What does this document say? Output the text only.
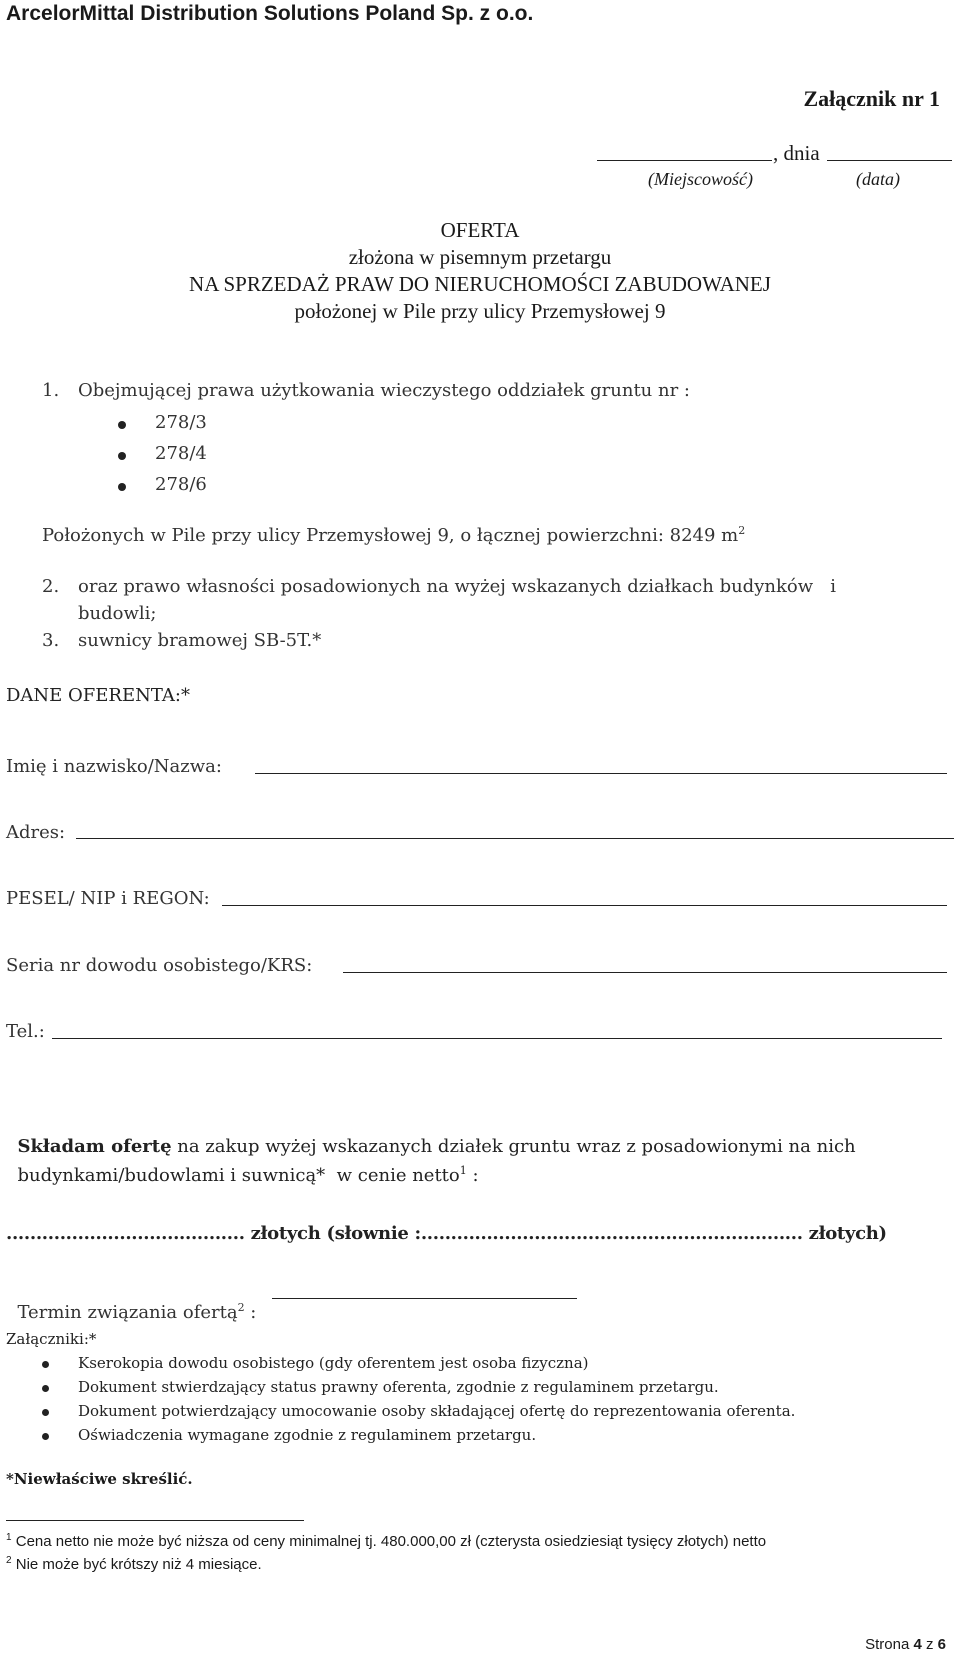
ArcelorMittal Distribution Solutions Poland Sp. z o.o.
Załącznik nr 1
, dnia
(Miejscowość)	(data)
OFERTA
złożona w pisemnym przetargu
NA SPRZEDAŻ PRAW DO NIERUCHOMOŚCI ZABUDOWANEJ
położonej w Pile przy ulicy Przemysłowej 9
1. Obejmującej prawa użytkowania wieczystego oddziałek gruntu nr :
278/3
278/4
278/6
Położonych w Pile przy ulicy Przemysłowej 9, o łącznej powierzchni: 8249 $m^2$
2. oraz prawo własności posadowionych na wyżej wskazanych działkach budynków   i
budowli;
3. suwnicy bramowej SB-5T.*
DANE OFERENTA:*
Imię i nazwisko/Nazwa:
Adres:
PESEL/ NIP i REGON:
Seria nr dowodu osobistego/KRS:
Tel.:

Składam ofertę na zakup wyżej wskazanych działek gruntu wraz z posadowionymi na nich

budynkami/budowlami i suwnicą*  w cenie netto$^1$ :

........................................ złotych (słownie :................................................................ złotych)

Termin związania ofertą$^2$ :

Załączniki:*
Kserokopia dowodu osobistego (gdy oferentem jest osoba fizyczna)
Dokument stwierdzający status prawny oferenta, zgodnie z regulaminem przetargu.
Dokument potwierdzający umocowanie osoby składającej ofertę do reprezentowania oferenta.
Oświadczenia wymagane zgodnie z regulaminem przetargu.
*Niewłaściwe skreślić.
$^1$ Cena netto nie może być niższa od ceny minimalnej tj. 480.000,00 zł (czterysta osiedziesiąt tysięcy złotych) netto
$^2$ Nie może być krótszy niż 4 miesiące.

Strona 4 z 6
